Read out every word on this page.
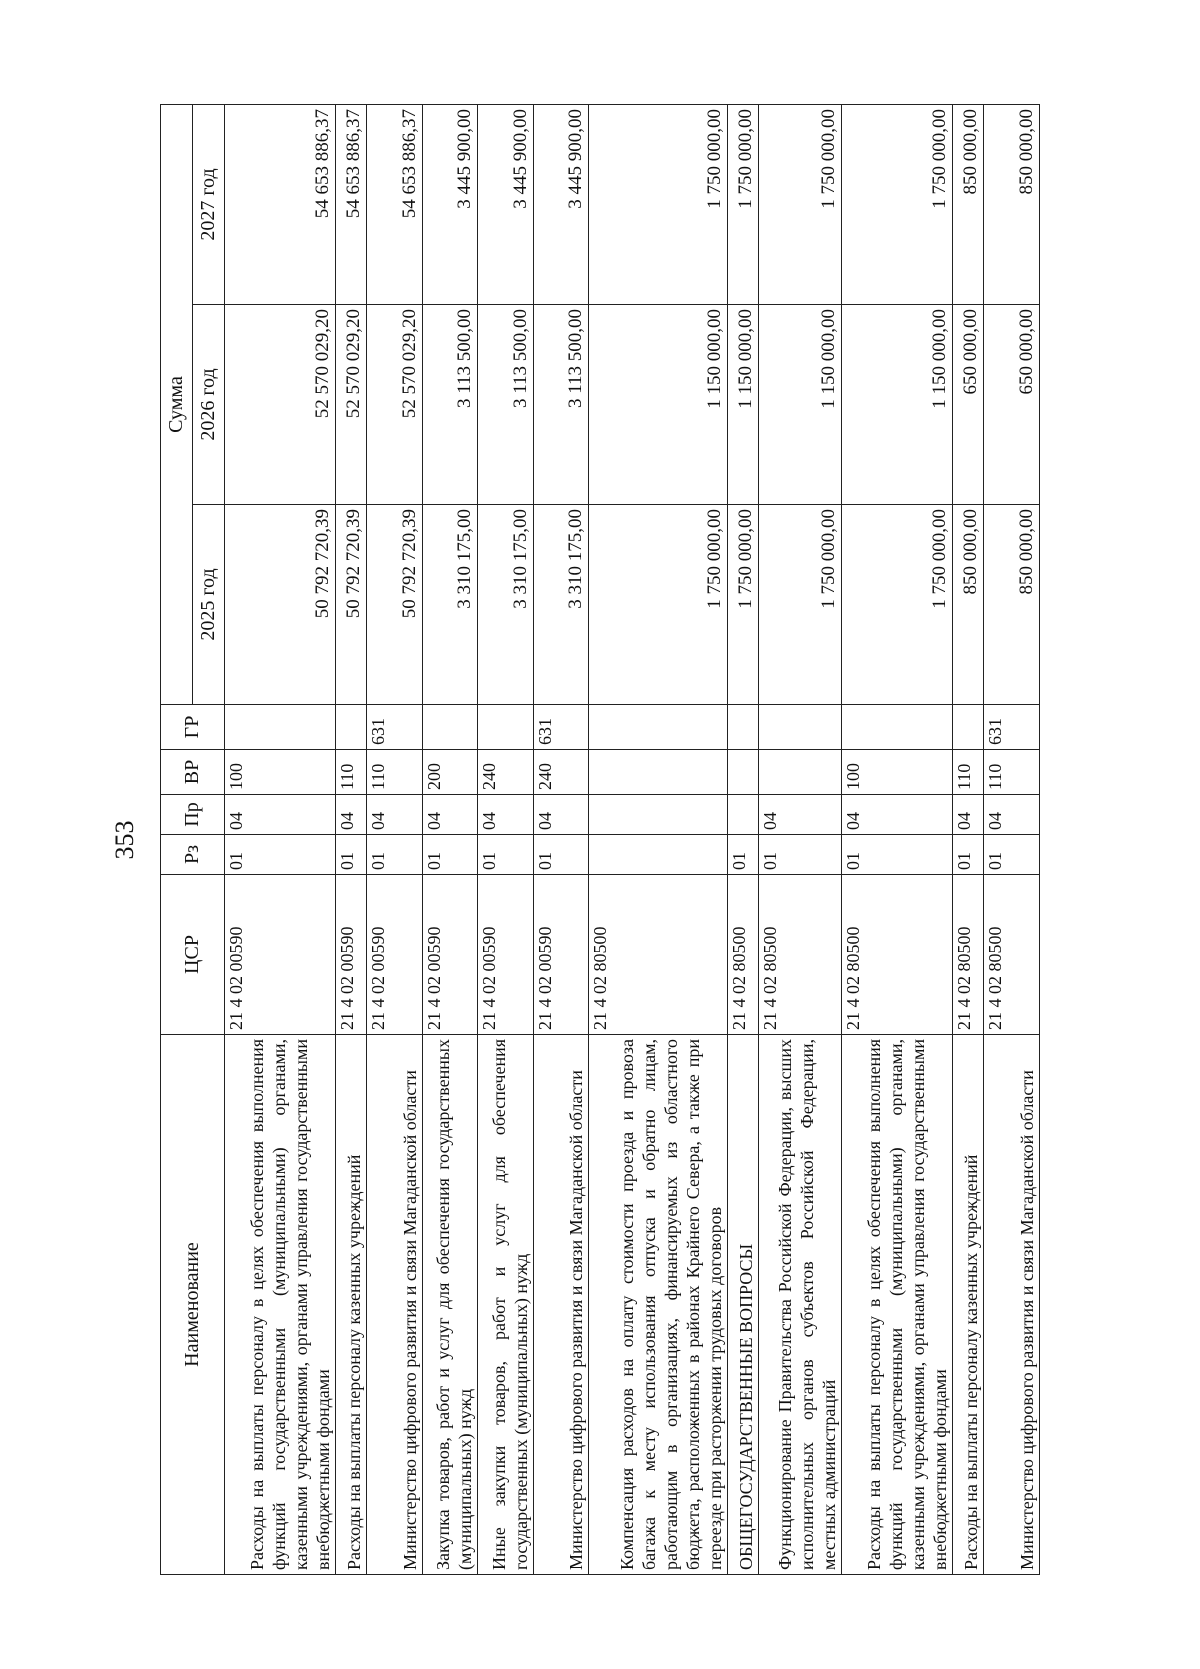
353
Наименование	ЦСР	Рз	Пр	ВР	ГР	Сумма		
						2025 год	2026 год	2027 год
Расходы на выплаты персоналу в целях обеспечения выполнения функций государственными (муниципальными) органами, казенными учреждениями, органами управления государственными внебюджетными фондами	21 4 02 00590	01	04	100		50 792 720,39	52 570 029,20	54 653 886,37
Расходы на выплаты персоналу казенных учреждений	21 4 02 00590	01	04	110		50 792 720,39	52 570 029,20	54 653 886,37
Министерство цифрового развития и связи Магаданской области	21 4 02 00590	01	04	110	631	50 792 720,39	52 570 029,20	54 653 886,37
Закупка товаров, работ и услуг для обеспечения государственных (муниципальных) нужд	21 4 02 00590	01	04	200		3 310 175,00	3 113 500,00	3 445 900,00
Иные закупки товаров, работ и услуг для обеспечения государственных (муниципальных) нужд	21 4 02 00590	01	04	240		3 310 175,00	3 113 500,00	3 445 900,00
Министерство цифрового развития и связи Магаданской области	21 4 02 00590	01	04	240	631	3 310 175,00	3 113 500,00	3 445 900,00
Компенсация расходов на оплату стоимости проезда и провоза багажа к месту использования отпуска и обратно лицам, работающим в организациях, финансируемых из областного бюджета, расположенных в районах Крайнего Севера, а также при переезде при расторжении трудовых договоров	21 4 02 80500					1 750 000,00	1 150 000,00	1 750 000,00
ОБЩЕГОСУДАРСТВЕННЫЕ ВОПРОСЫ	21 4 02 80500	01				1 750 000,00	1 150 000,00	1 750 000,00
Функционирование Правительства Российской Федерации, высших исполнительных органов субъектов Российской Федерации, местных администраций	21 4 02 80500	01	04			1 750 000,00	1 150 000,00	1 750 000,00
Расходы на выплаты персоналу в целях обеспечения выполнения функций государственными (муниципальными) органами, казенными учреждениями, органами управления государственными внебюджетными фондами	21 4 02 80500	01	04	100		1 750 000,00	1 150 000,00	1 750 000,00
Расходы на выплаты персоналу казенных учреждений	21 4 02 80500	01	04	110		850 000,00	650 000,00	850 000,00
Министерство цифрового развития и связи Магаданской области	21 4 02 80500	01	04	110	631	850 000,00	650 000,00	850 000,00
